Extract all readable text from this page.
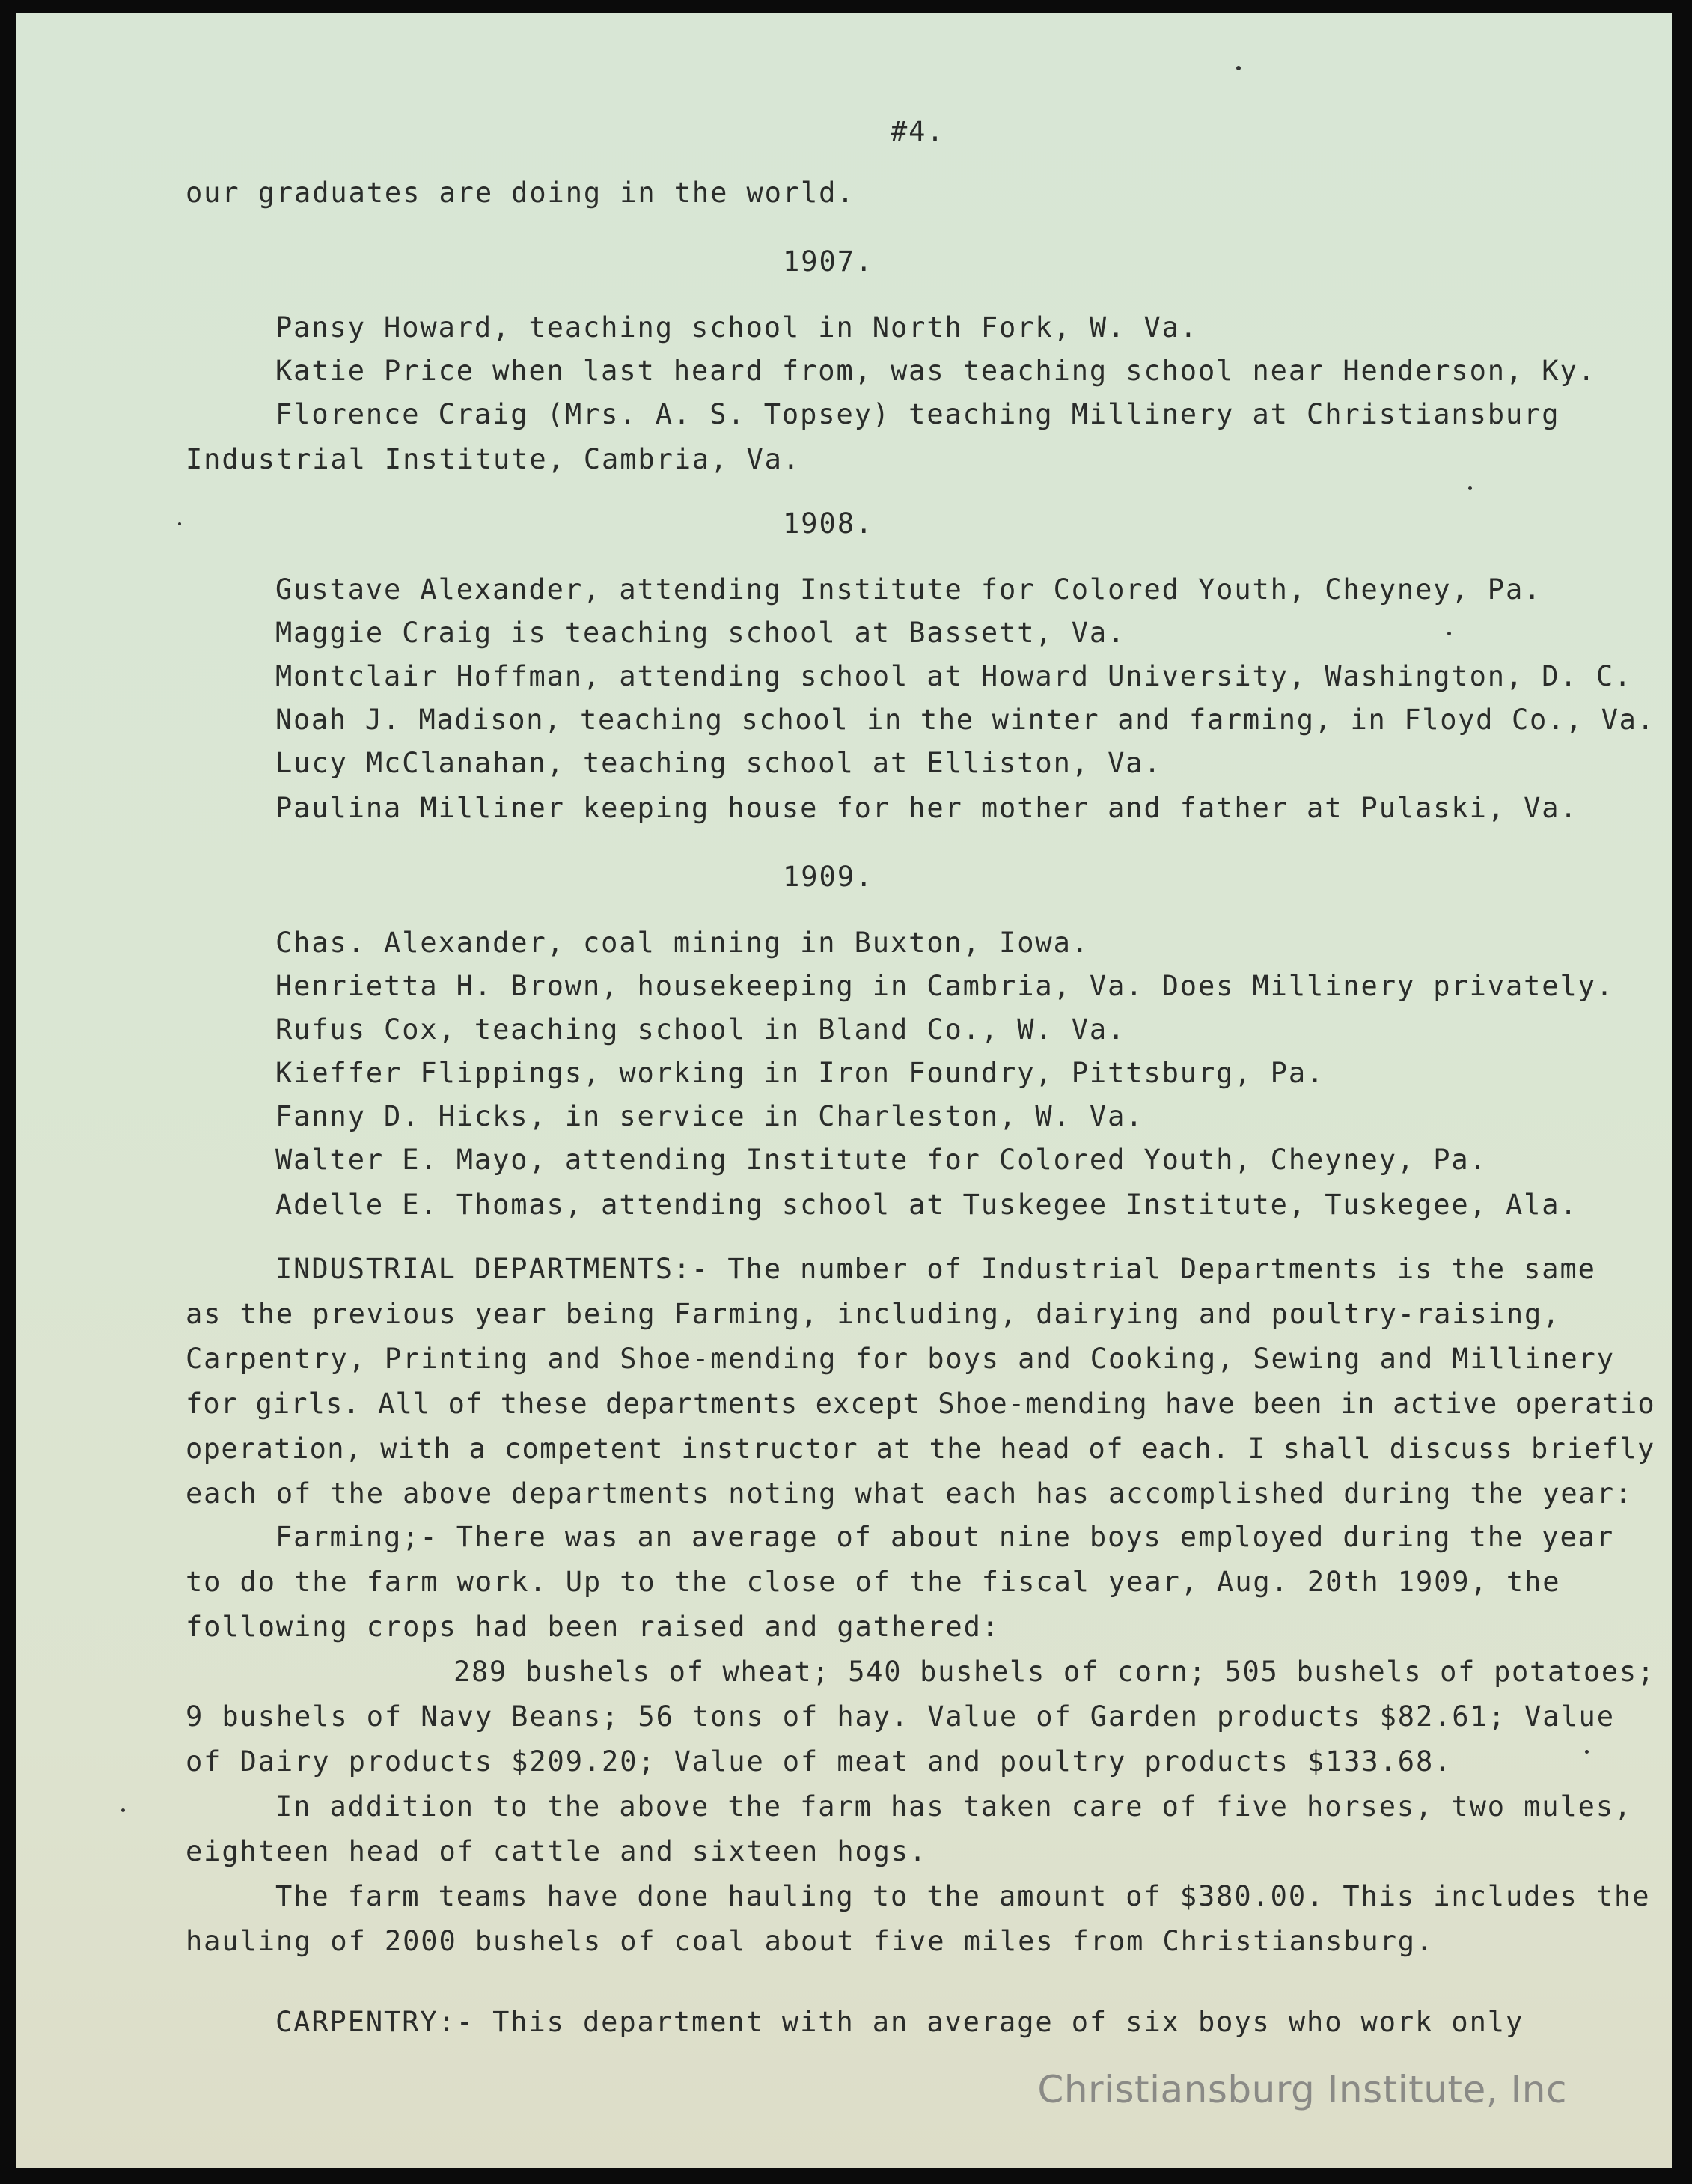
#4.
our graduates are doing in the world.
1907.
Pansy Howard, teaching school in North Fork, W. Va.
Katie Price when last heard from, was teaching school near Henderson, Ky.
Florence Craig (Mrs. A. S. Topsey) teaching Millinery at Christiansburg
Industrial Institute, Cambria, Va.
1908.
Gustave Alexander, attending Institute for Colored Youth, Cheyney, Pa.
Maggie Craig is teaching school at Bassett, Va.
Montclair Hoffman, attending school at Howard University, Washington, D. C.
Noah J. Madison, teaching school in the winter and farming, in Floyd Co., Va.
Lucy McClanahan, teaching school at Elliston, Va.
Paulina Milliner keeping house for her mother and father at Pulaski, Va.
1909.
Chas. Alexander, coal mining in Buxton, Iowa.
Henrietta H. Brown, housekeeping in Cambria, Va. Does Millinery privately.
Rufus Cox, teaching school in Bland Co., W. Va.
Kieffer Flippings, working in Iron Foundry, Pittsburg, Pa.
Fanny D. Hicks, in service in Charleston, W. Va.
Walter E. Mayo, attending Institute for Colored Youth, Cheyney, Pa.
Adelle E. Thomas, attending school at Tuskegee Institute, Tuskegee, Ala.
INDUSTRIAL DEPARTMENTS:- The number of Industrial Departments is the same
as the previous year being Farming, including, dairying and poultry-raising,
Carpentry, Printing and Shoe-mending for boys and Cooking, Sewing and Millinery
for girls. All of these departments except Shoe-mending have been in active operatio
operation, with a competent instructor at the head of each. I shall discuss briefly
each of the above departments noting what each has accomplished during the year:
Farming;- There was an average of about nine boys employed during the year
to do the farm work. Up to the close of the fiscal year, Aug. 20th 1909, the
following crops had been raised and gathered:
289 bushels of wheat; 540 bushels of corn; 505 bushels of potatoes;
9 bushels of Navy Beans; 56 tons of hay. Value of Garden products $82.61; Value
of Dairy products $209.20; Value of meat and poultry products $133.68.
In addition to the above the farm has taken care of five horses, two mules,
eighteen head of cattle and sixteen hogs.
The farm teams have done hauling to the amount of $380.00. This includes the
hauling of 2000 bushels of coal about five miles from Christiansburg.
CARPENTRY:- This department with an average of six boys who work only
Christiansburg Institute, Inc
